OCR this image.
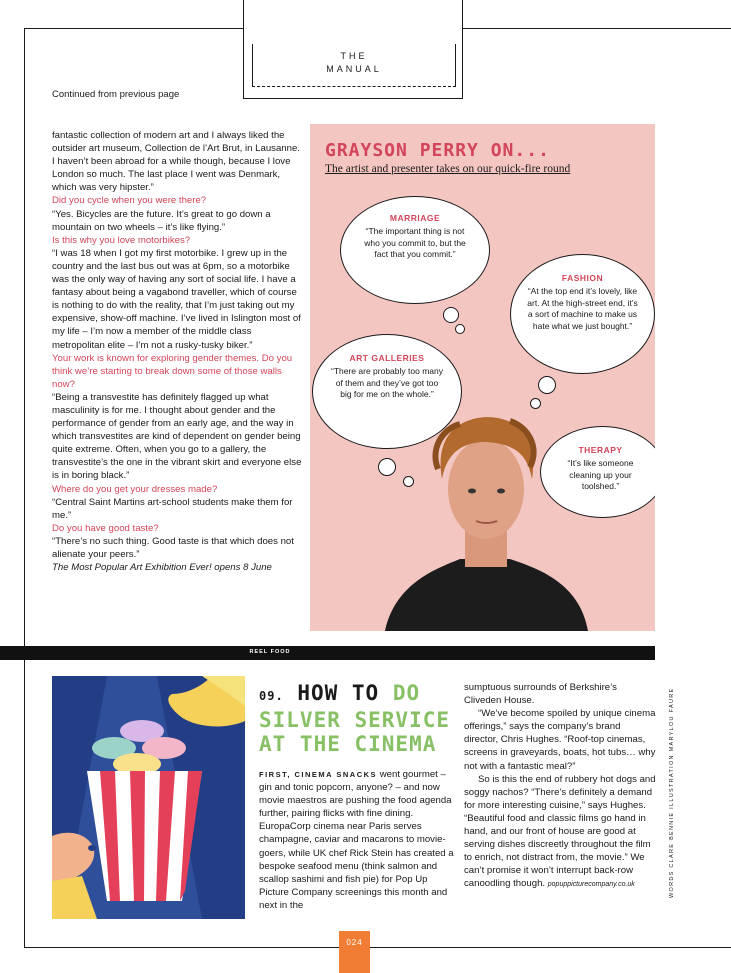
THE
MANUAL
Continued from previous page

fantastic collection of modern art and I always liked the outsider art museum, Collection de l’Art Brut, in Lausanne. I haven’t been abroad for a while though, because I love London so much. The last place I went was Denmark, which was very hipster.”

Did you cycle when you were there?

“Yes. Bicycles are the future. It’s great to go down a mountain on two wheels – it’s like flying.”

Is this why you love motorbikes?

“I was 18 when I got my first motorbike. I grew up in the country and the last bus out was at 6pm, so a motorbike was the only way of having any sort of social life. I have a fantasy about being a vagabond traveller, which of course is nothing to do with the reality, that I’m just taking out my expensive, show-off machine. I’ve lived in Islington most of my life – I’m now a member of the middle class metropolitan elite – I’m not a rusky-tusky biker.”

Your work is known for exploring gender themes. Do you think we’re starting to break down some of those walls now?

“Being a transvestite has definitely flagged up what masculinity is for me. I thought about gender and the performance of gender from an early age, and the way in which transvestites are kind of dependent on gender being quite extreme. Often, when you go to a gallery, the transvestite’s the one in the vibrant skirt and everyone else is in boring black.”

Where do you get your dresses made?

“Central Saint Martins art-school students make them for me.”

Do you have good taste?

“There’s no such thing. Good taste is that which does not alienate your peers.”

The Most Popular Art Exhibition Ever! opens 8 June

GRAYSON PERRY ON...
The artist and presenter takes on our quick-fire round
MARRIAGE
“The important thing is not who you commit to, but the fact that you commit.”
FASHION
“At the top end it’s lovely, like art. At the high-street end, it’s a sort of machine to make us hate what we just bought.”
ART GALLERIES
“There are probably too many of them and they’ve got too big for me on the whole.”
THERAPY
“It’s like someone cleaning up your toolshed.”
REEL FOOD
09. HOW TO DO
SILVER SERVICE
AT THE CINEMA
FIRST, CINEMA SNACKS went gourmet – gin and tonic popcorn, anyone? – and now movie maestros are pushing the food agenda further, pairing flicks with fine dining. EuropaCorp cinema near Paris serves champagne, caviar and macarons to movie-goers, while UK chef Rick Stein has created a bespoke seafood menu (think salmon and scallop sashimi and fish pie) for Pop Up Picture Company screenings this month and next in the

sumptuous surrounds of Berkshire’s Cliveden House.

“We’ve become spoiled by unique cinema offerings,” says the company’s brand director, Chris Hughes. “Roof-top cinemas, screens in graveyards, boats, hot tubs… why not with a fantastic meal?”

So is this the end of rubbery hot dogs and soggy nachos? “There’s definitely a demand for more interesting cuisine,” says Hughes. “Beautiful food and classic films go hand in hand, and our front of house are good at serving dishes discreetly throughout the film to enrich, not distract from, the movie.” We can’t promise it won’t interrupt back-row canoodling though. popuppicturecompany.co.uk	WORDS CLARE BENNIE ILLUSTRATION MARYLOU FAURE
024
